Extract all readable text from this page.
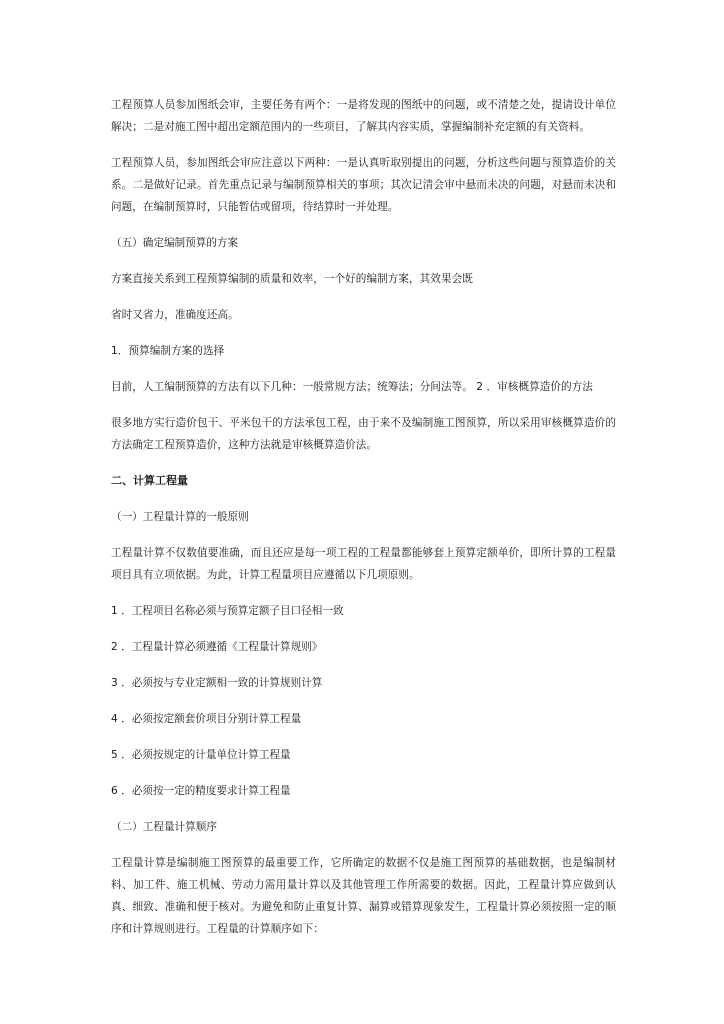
工程预算人员参加图纸会审，主要任务有两个：一是将发现的图纸中的问题，或不清楚之处，提请设计单位解决；二是对施工图中超出定额范围内的一些项目，了解其内容实质，掌握编制补充定额的有关资料。

工程预算人员，参加图纸会审应注意以下两种：一是认真听取别提出的问题，分析这些问题与预算造价的关系。二是做好记录。首先重点记录与编制预算相关的事项；其次记清会审中悬而未决的问题，对悬而未决和问题，在编制预算时，只能暂估或留项，待结算时一并处理。

（五）确定编制预算的方案

方案直接关系到工程预算编制的质量和效率，一个好的编制方案，其效果会既

省时又省力，准确度还高。

1．预算编制方案的选择

目前，人工编制预算的方法有以下几种：一般常规方法；统筹法；分间法等。 2 ．审核概算造价的方法

很多地方实行造价包干、平米包干的方法承包工程，由于来不及编制施工图预算，所以采用审核概算造价的方法确定工程预算造价，这种方法就是审核概算造价法。

二、计算工程量

（一）工程量计算的一般原则

工程量计算不仅数值要准确，而且还应是每一项工程的工程量都能够套上预算定额单价，即所计算的工程量项目具有立项依据。为此，计算工程量项目应遵循以下几项原则。

1 ．工程项目名称必须与预算定额子目口径相一致

2 ．工程量计算必须遵循《工程量计算规则》

3 ．必须按与专业定额相一致的计算规则计算

4 ．必须按定额套价项目分别计算工程量

5 ．必须按规定的计量单位计算工程量

6 ．必须按一定的精度要求计算工程量

（二）工程量计算顺序

工程量计算是编制施工图预算的最重要工作，它所确定的数据不仅是施工图预算的基础数据，也是编制材料、加工件、施工机械、劳动力需用量计算以及其他管理工作所需要的数据。因此，工程量计算应做到认真、细致、准确和便于核对。为避免和防止重复计算、漏算或错算现象发生，工程量计算必须按照一定的顺序和计算规则进行。工程量的计算顺序如下：
